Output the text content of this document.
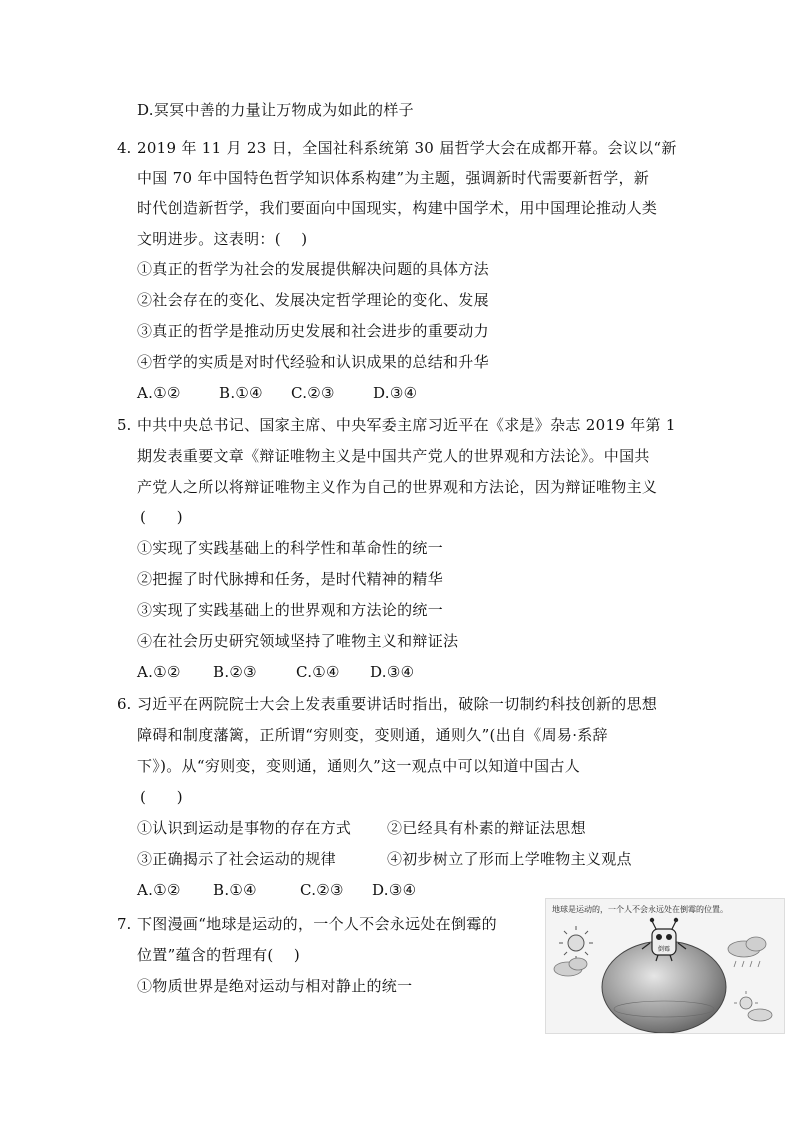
D.冥冥中善的力量让万物成为如此的样子
4. 2019 年 11 月 23 日，全国社科系统第 30 届哲学大会在成都开幕。会议以“新
中国 70 年中国特色哲学知识体系构建”为主题，强调新时代需要新哲学，新
时代创造新哲学，我们要面向中国现实，构建中国学术，用中国理论推动人类
文明进步。这表明：(　 )
①真正的哲学为社会的发展提供解决问题的具体方法
②社会存在的变化、发展决定哲学理论的变化、发展
③真正的哲学是推动历史发展和社会进步的重要动力
④哲学的实质是对时代经验和认识成果的总结和升华
A.①②	B.①④ C.②③	D.③④
5. 中共中央总书记、国家主席、中央军委主席习近平在《求是》杂志 2019 年第 1
期发表重要文章《辩证唯物主义是中国共产党人的世界观和方法论》。中国共
产党人之所以将辩证唯物主义作为自己的世界观和方法论，因为辩证唯物主义
(　　)
①实现了实践基础上的科学性和革命性的统一
②把握了时代脉搏和任务，是时代精神的精华
③实现了实践基础上的世界观和方法论的统一
④在社会历史研究领域坚持了唯物主义和辩证法
A.①② B.②③	C.①④ D.③④
6. 习近平在两院院士大会上发表重要讲话时指出，破除一切制约科技创新的思想
障碍和制度藩篱，正所谓“穷则变，变则通，通则久”(出自《周易·系辞
下》)。从“穷则变，变则通，通则久”这一观点中可以知道中国古人
(　　)
①认识到运动是事物的存在方式 ②已经具有朴素的辩证法思想
③正确揭示了社会运动的规律	④初步树立了形而上学唯物主义观点
A.①② B.①④	C.②③ D.③④
7. 下图漫画“地球是运动的，一个人不会永远处在倒霉的
位置”蕴含的哲理有(　 )
①物质世界是绝对运动与相对静止的统一
地球是运动的，一个人不会永远处在倒霉的位置。
倒霉
